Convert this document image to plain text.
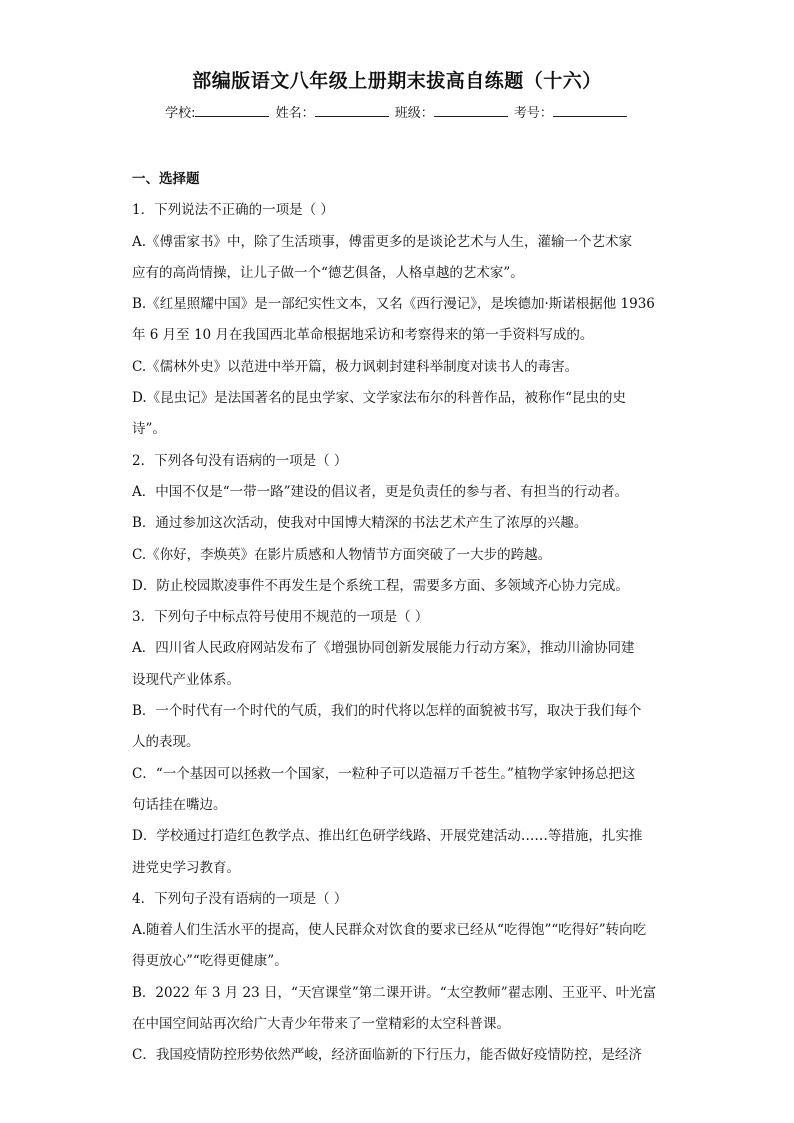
部编版语文八年级上册期末拔高自练题（十六）
学校:	姓名：	班级：	考号：
一、选择题
1．下列说法不正确的一项是（ ）
A.《傅雷家书》中，除了生活琐事，傅雷更多的是谈论艺术与人生，灌输一个艺术家
应有的高尚情操，让儿子做一个“德艺俱备，人格卓越的艺术家”。
B.《红星照耀中国》是一部纪实性文本，又名《西行漫记》，是埃德加·斯诺根据他 1936
年 6 月至 10 月在我国西北革命根据地采访和考察得来的第一手资料写成的。
C.《儒林外史》以范进中举开篇，极力讽刺封建科举制度对读书人的毒害。
D.《昆虫记》是法国著名的昆虫学家、文学家法布尔的科普作品，被称作“昆虫的史
诗”。
2．下列各句没有语病的一项是（ ）
A．中国不仅是“一带一路”建设的倡议者，更是负责任的参与者、有担当的行动者。
B．通过参加这次活动，使我对中国博大精深的书法艺术产生了浓厚的兴趣。
C.《你好，李焕英》在影片质感和人物情节方面突破了一大步的跨越。
D．防止校园欺凌事件不再发生是个系统工程，需要多方面、多领域齐心协力完成。
3．下列句子中标点符号使用不规范的一项是（ ）
A．四川省人民政府网站发布了《增强协同创新发展能力行动方案》，推动川渝协同建
设现代产业体系。
B．一个时代有一个时代的气质，我们的时代将以怎样的面貌被书写，取决于我们每个
人的表现。
C．“一个基因可以拯救一个国家，一粒种子可以造福万千苍生。”植物学家钟扬总把这
句话挂在嘴边。
D．学校通过打造红色教学点、推出红色研学线路、开展党建活动……等措施，扎实推
进党史学习教育。
4．下列句子没有语病的一项是（ ）
A.随着人们生活水平的提高，使人民群众对饮食的要求已经从“吃得饱”“吃得好”转向吃
得更放心”“吃得更健康”。
B．2022 年 3 月 23 日，“天宫课堂”第二课开讲。“太空教师”翟志刚、王亚平、叶光富
在中国空间站再次给广大青少年带来了一堂精彩的太空科普课。
C．我国疫情防控形势依然严峻，经济面临新的下行压力，能否做好疫情防控，是经济
